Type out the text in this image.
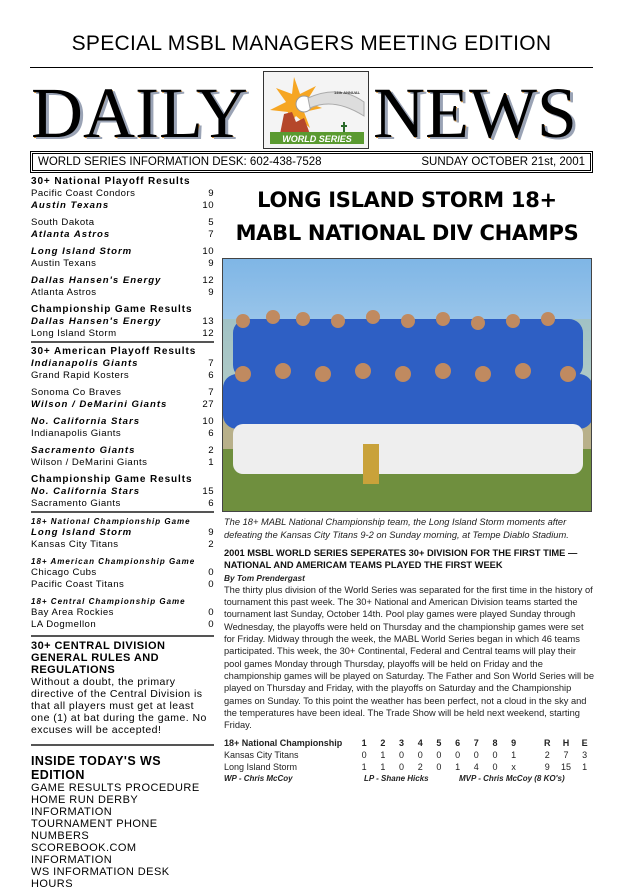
SPECIAL MSBL MANAGERS MEETING EDITION
DAILY NEWS
WORLD SERIES
14th ANNUAL
WORLD SERIES INFORMATION DESK: 602-438-7528	SUNDAY OCTOBER 21st, 2001
30+ National Playoff Results
Pacific Coast Condors	9
Austin Texans	10
South Dakota	5
Atlanta Astros	7
Long Island Storm	10
Austin Texans	9
Dallas Hansen's Energy	12
Atlanta Astros	9
Championship Game Results
Dallas Hansen's Energy	13
Long Island Storm	12
30+ American Playoff Results
Indianapolis Giants	7
Grand Rapid Kosters	6
Sonoma Co Braves	7
Wilson / DeMarini Giants	27
No. California Stars	10
Indianapolis Giants	6
Sacramento Giants	2
Wilson / DeMarini Giants	1
Championship Game Results
No. California Stars	15
Sacramento Giants	6
18+ National Championship Game
Long Island Storm	9
Kansas City Titans	2
18+ American Championship Game
Chicago Cubs	0
Pacific Coast Titans	0
18+ Central Championship Game
Bay Area Rockies	0
LA Dogmellon	0
30+ CENTRAL DIVISION GENERAL RULES AND REGULATIONS
Without a doubt, the primary directive of the Central Division is that all players must get at least one (1) at bat during the game. No excuses will be accepted!
INSIDE TODAY'S WS EDITION
GAME RESULTS PROCEDURE
HOME RUN DERBY INFORMATION
TOURNAMENT PHONE NUMBERS
SCOREBOOK.COM INFORMATION
WS INFORMATION DESK HOURS
LONG ISLAND STORM 18+
MABL NATIONAL DIV CHAMPS
The 18+ MABL National Championship team, the Long Island Storm moments after defeating the Kansas City Titans 9-2 on Sunday morning, at Tempe Diablo Stadium.
2001 MSBL WORLD SERIES SEPERATES 30+ DIVISION FOR THE FIRST TIME — NATIONAL AND AMERICAM TEAMS PLAYED THE FIRST WEEK
By Tom Prendergast
The thirty plus division of the World Series was separated for the first time in the history of tournament this past week. The 30+ National and American Division teams started the tournament last Sunday, October 14th. Pool play games were played Sunday through Wednesday, the playoffs were held on Thursday and the championship games were set for Friday. Midway through the week, the MABL World Series began in which 46 teams participated. This week, the 30+ Continental, Federal and Central teams will play their pool games Monday through Thursday, playoffs will be held on Friday and the championship games will be played on Saturday. The Father and Son World Series will be played on Thursday and Friday, with the playoffs on Saturday and the Championship games on Sunday. To this point the weather has been perfect, not a cloud in the sky and the temperatures have been ideal. The Trade Show will be held next weekend, starting Friday.
18+ National Championship	1	2	3	4	5	6	7	8	9	R	H	E
Kansas City Titans	0	1	0	0	0	0	0	0	1	2	7	3
Long Island Storm	1	1	0	2	0	1	4	0	x	9	15	1
WP - Chris McCoy	LP - Shane Hicks	MVP - Chris McCoy (8 KO's)
